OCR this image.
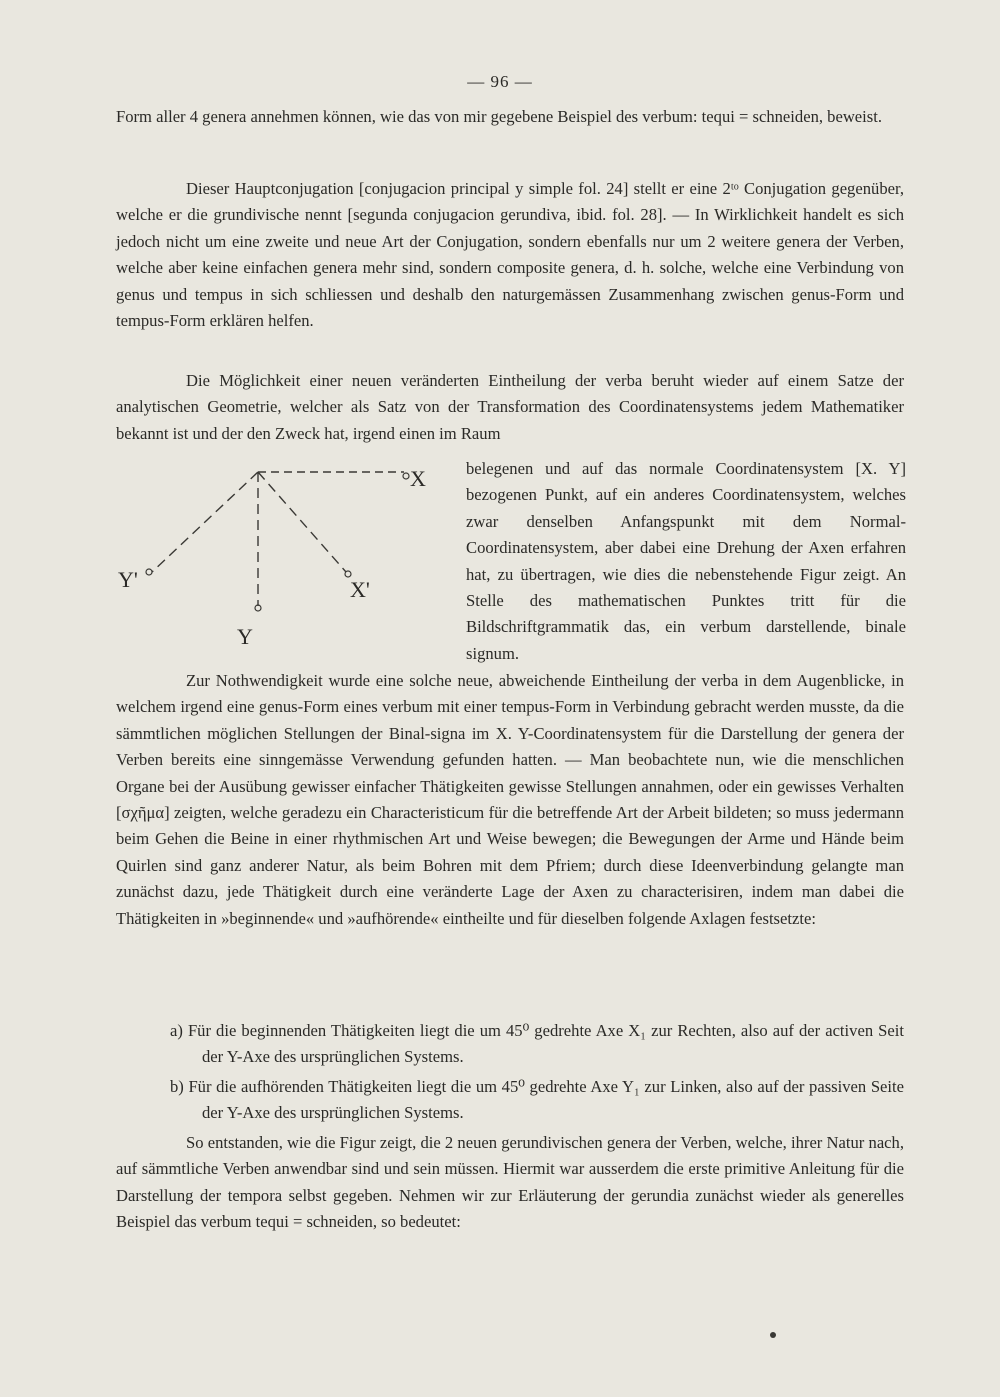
— 96 —

Form aller 4 genera annehmen können, wie das von mir gegebene Beispiel des verbum: tequi = schneiden, beweist.

Dieser Hauptconjugation [conjugacion principal y simple fol. 24] stellt er eine 2ᵗᵒ Conjugation gegenüber, welche er die grundivische nennt [segunda conjugacion gerundiva, ibid. fol. 28]. — In Wirklichkeit handelt es sich jedoch nicht um eine zweite und neue Art der Conjugation, sondern ebenfalls nur um 2 weitere genera der Verben, welche aber keine einfachen genera mehr sind, sondern composite genera, d. h. solche, welche eine Verbindung von genus und tempus in sich schliessen und deshalb den naturgemässen Zusammenhang zwischen genus-Form und tempus-Form erklären helfen.

Die Möglichkeit einer neuen veränderten Eintheilung der verba beruht wieder auf einem Satze der analytischen Geometrie, welcher als Satz von der Transformation des Coordinatensystems jedem Mathematiker bekannt ist und der den Zweck hat, irgend einen im Raum

X
X'
Y
Y'

belegenen und auf das normale Coordinatensystem [X. Y] bezogenen Punkt, auf ein anderes Coordinatensystem, welches zwar denselben Anfangspunkt mit dem Normal-Coordinatensystem, aber dabei eine Drehung der Axen erfahren hat, zu übertragen, wie dies die nebenstehende Figur zeigt. An Stelle des mathematischen Punktes tritt für die Bildschriftgrammatik das, ein verbum darstellende, binale signum.

Zur Nothwendigkeit wurde eine solche neue, abweichende Eintheilung der verba in dem Augenblicke, in welchem irgend eine genus-Form eines verbum mit einer tempus-Form in Verbindung gebracht werden musste, da die sämmtlichen möglichen Stellungen der Binal-signa im X. Y-Coordinatensystem für die Darstellung der genera der Verben bereits eine sinngemässe Verwendung gefunden hatten. — Man beobachtete nun, wie die menschlichen Organe bei der Ausübung gewisser einfacher Thätigkeiten gewisse Stellungen annahmen, oder ein gewisses Verhalten [σχῆμα] zeigten, welche geradezu ein Characteristicum für die betreffende Art der Arbeit bildeten; so muss jedermann beim Gehen die Beine in einer rhythmischen Art und Weise bewegen; die Bewegungen der Arme und Hände beim Quirlen sind ganz anderer Natur, als beim Bohren mit dem Pfriem; durch diese Ideenverbindung gelangte man zunächst dazu, jede Thätigkeit durch eine veränderte Lage der Axen zu characterisiren, indem man dabei die Thätigkeiten in »beginnende« und »aufhörende« eintheilte und für dieselben folgende Axlagen festsetzte:

a) Für die beginnenden Thätigkeiten liegt die um 45⁰ gedrehte Axe X₁ zur Rechten, also auf der activen Seit der Y-Axe des ursprünglichen Systems.

b) Für die aufhörenden Thätigkeiten liegt die um 45⁰ gedrehte Axe Y₁ zur Linken, also auf der passiven Seite der Y-Axe des ursprünglichen Systems.

So entstanden, wie die Figur zeigt, die 2 neuen gerundivischen genera der Verben, welche, ihrer Natur nach, auf sämmtliche Verben anwendbar sind und sein müssen. Hiermit war ausserdem die erste primitive Anleitung für die Darstellung der tempora selbst gegeben. Nehmen wir zur Erläuterung der gerundia zunächst wieder als generelles Beispiel das verbum tequi = schneiden, so bedeutet:
